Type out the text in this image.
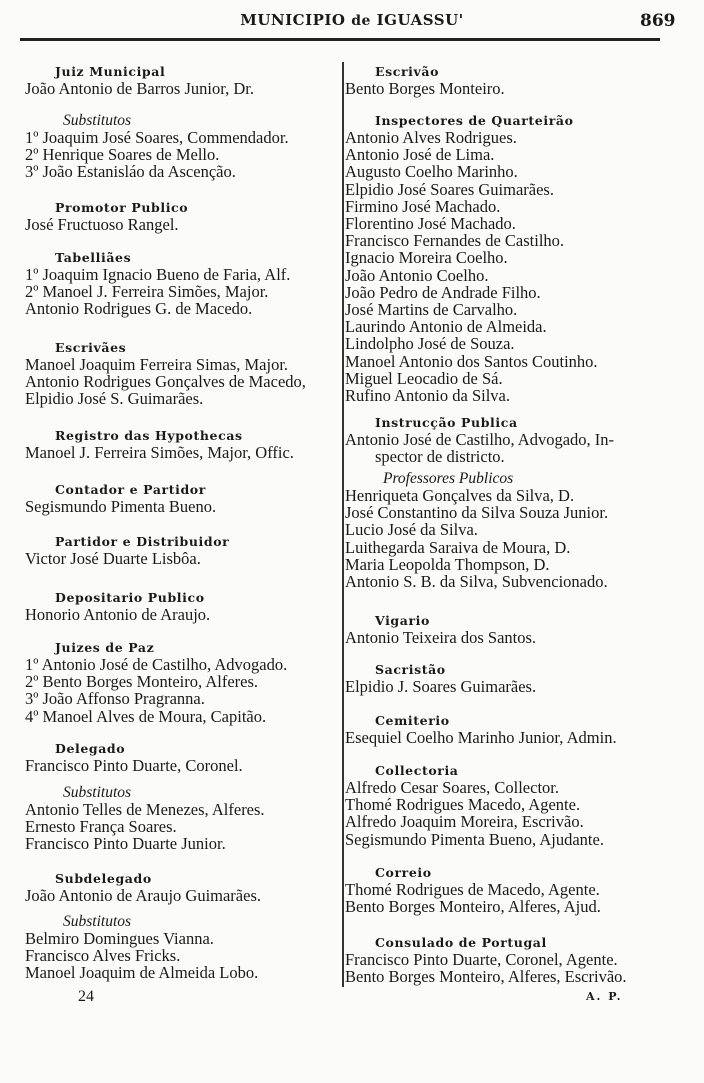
MUNICIPIO de IGUASSU'	869
Juiz Municipal
João Antonio de Barros Junior, Dr.
Substitutos
1º Joaquim José Soares, Commendador.
2º Henrique Soares de Mello.
3º João Estanisláo da Ascenção.
Promotor Publico
José Fructuoso Rangel.
Tabelliães
1º Joaquim Ignacio Bueno de Faria, Alf.
2º Manoel J. Ferreira Simões, Major.
Antonio Rodrigues G. de Macedo.
Escrivães
Manoel Joaquim Ferreira Simas, Major.
Antonio Rodrigues Gonçalves de Macedo,
Elpidio José S. Guimarães.
Registro das Hypothecas
Manoel J. Ferreira Simões, Major, Offic.
Contador e Partidor
Segismundo Pimenta Bueno.
Partidor e Distribuidor
Victor José Duarte Lisbôa.
Depositario Publico
Honorio Antonio de Araujo.
Juizes de Paz
1º Antonio José de Castilho, Advogado.
2º Bento Borges Monteiro, Alferes.
3º João Affonso Pragranna.
4º Manoel Alves de Moura, Capitão.
Delegado
Francisco Pinto Duarte, Coronel.
Substitutos
Antonio Telles de Menezes, Alferes.
Ernesto França Soares.
Francisco Pinto Duarte Junior.
Subdelegado
João Antonio de Araujo Guimarães.
Substitutos
Belmiro Domingues Vianna.
Francisco Alves Fricks.
Manoel Joaquim de Almeida Lobo.
Escrivão
Bento Borges Monteiro.
Inspectores de Quarteirão
Antonio Alves Rodrigues.
Antonio José de Lima.
Augusto Coelho Marinho.
Elpidio José Soares Guimarães.
Firmino José Machado.
Florentino José Machado.
Francisco Fernandes de Castilho.
Ignacio Moreira Coelho.
João Antonio Coelho.
João Pedro de Andrade Filho.
José Martins de Carvalho.
Laurindo Antonio de Almeida.
Lindolpho José de Souza.
Manoel Antonio dos Santos Coutinho.
Miguel Leocadio de Sá.
Rufino Antonio da Silva.
Instrucção Publica
Antonio José de Castilho, Advogado, In-
spector de districto.
Professores Publicos
Henriqueta Gonçalves da Silva, D.
José Constantino da Silva Souza Junior.
Lucio José da Silva.
Luithegarda Saraiva de Moura, D.
Maria Leopolda Thompson, D.
Antonio S. B. da Silva, Subvencionado.
Vigario
Antonio Teixeira dos Santos.
Sacristão
Elpidio J. Soares Guimarães.
Cemiterio
Esequiel Coelho Marinho Junior, Admin.
Collectoria
Alfredo Cesar Soares, Collector.
Thomé Rodrigues Macedo, Agente.
Alfredo Joaquim Moreira, Escrivão.
Segismundo Pimenta Bueno, Ajudante.
Correio
Thomé Rodrigues de Macedo, Agente.
Bento Borges Monteiro, Alferes, Ajud.
Consulado de Portugal
Francisco Pinto Duarte, Coronel, Agente.
Bento Borges Monteiro, Alferes, Escrivão.
24	A. P.
